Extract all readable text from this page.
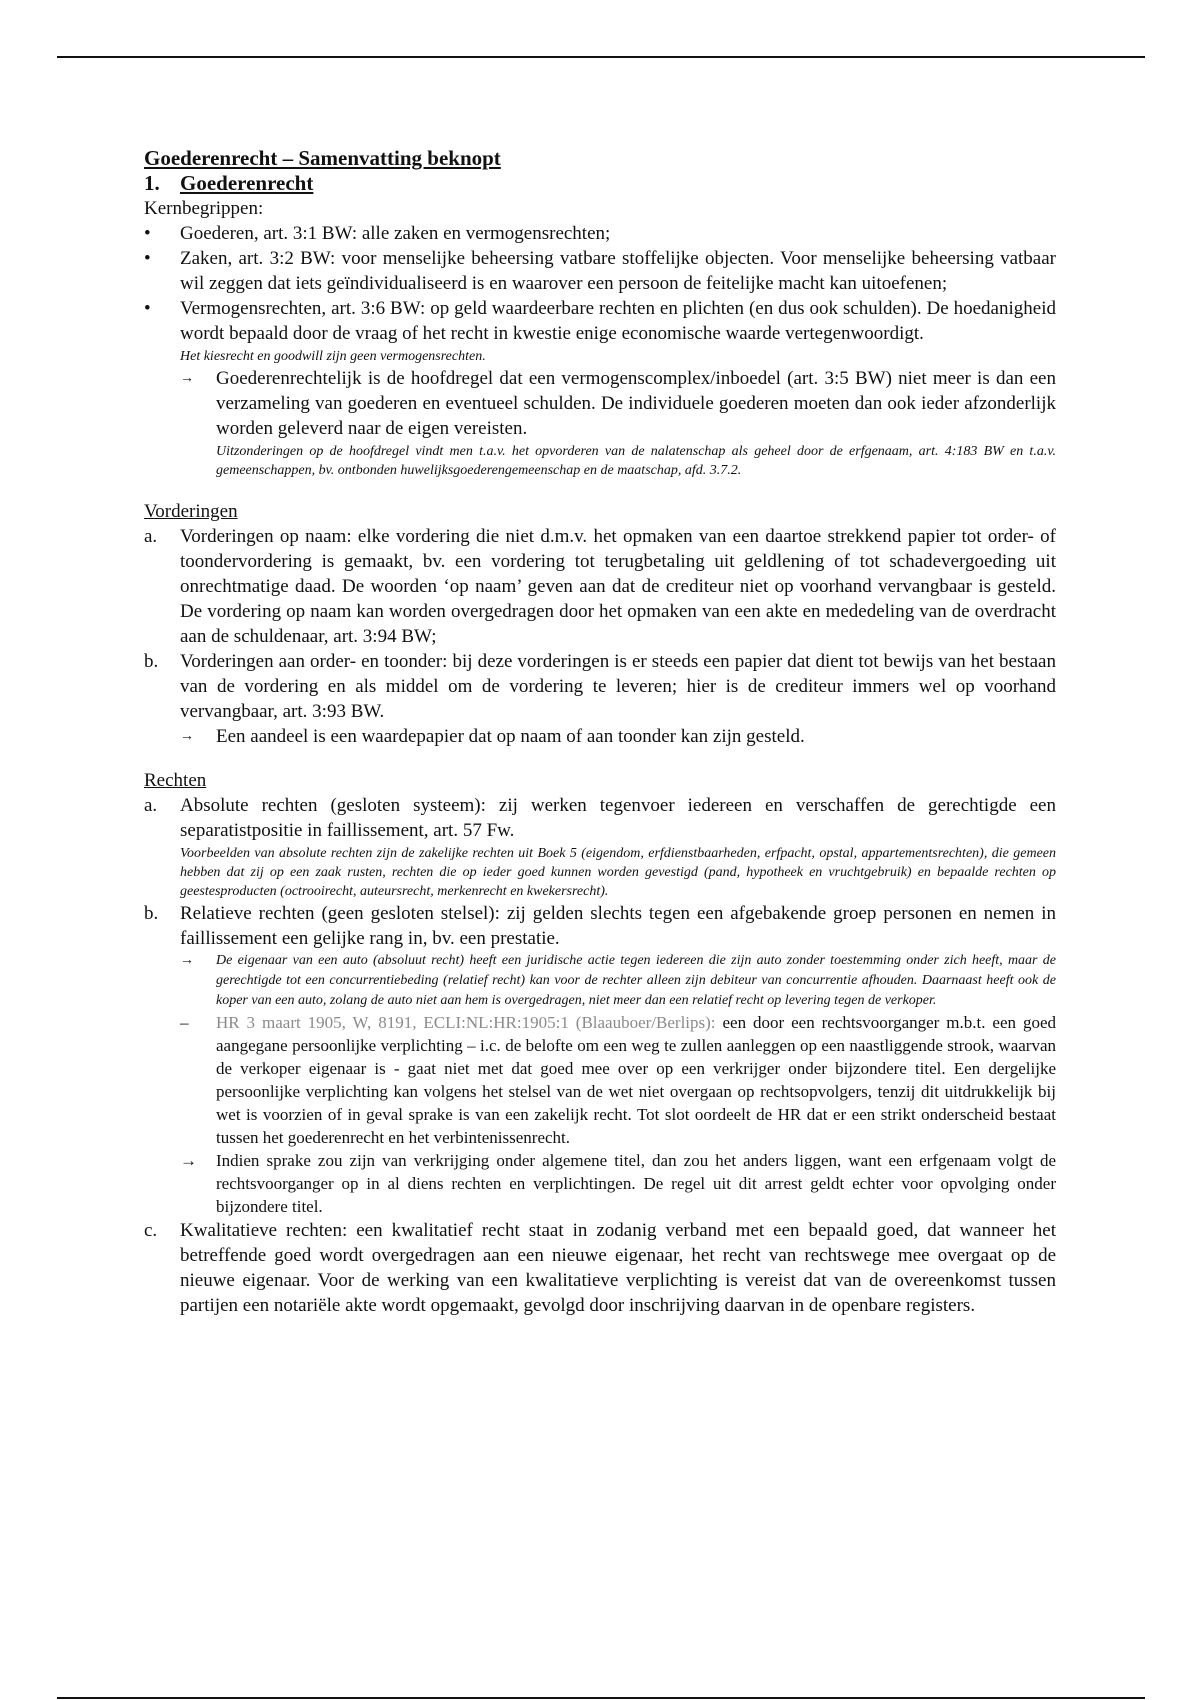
Goederenrecht – Samenvatting beknopt
1. Goederenrecht
Kernbegrippen:
• Goederen, art. 3:1 BW: alle zaken en vermogensrechten;
• Zaken, art. 3:2 BW: voor menselijke beheersing vatbare stoffelijke objecten. Voor menselijke beheersing vatbaar wil zeggen dat iets geïndividualiseerd is en waarover een persoon de feitelijke macht kan uitoefenen;
• Vermogensrechten, art. 3:6 BW: op geld waardeerbare rechten en plichten (en dus ook schulden). De hoedanigheid wordt bepaald door de vraag of het recht in kwestie enige economische waarde vertegenwoordigt.
Het kiesrecht en goodwill zijn geen vermogensrechten.
→ Goederenrechtelijk is de hoofdregel dat een vermogenscomplex/inboedel (art. 3:5 BW) niet meer is dan een verzameling van goederen en eventueel schulden. De individuele goederen moeten dan ook ieder afzonderlijk worden geleverd naar de eigen vereisten.
Uitzonderingen op de hoofdregel vindt men t.a.v. het opvorderen van de nalatenschap als geheel door de erfgenaam, art. 4:183 BW en t.a.v. gemeenschappen, bv. ontbonden huwelijksgoederengemeenschap en de maatschap, afd. 3.7.2.
Vorderingen
a. Vorderingen op naam: elke vordering die niet d.m.v. het opmaken van een daartoe strekkend papier tot order- of toondervordering is gemaakt, bv. een vordering tot terugbetaling uit geldlening of tot schadevergoeding uit onrechtmatige daad. De woorden ‘op naam’ geven aan dat de crediteur niet op voorhand vervangbaar is gesteld. De vordering op naam kan worden overgedragen door het opmaken van een akte en mededeling van de overdracht aan de schuldenaar, art. 3:94 BW;
b. Vorderingen aan order- en toonder: bij deze vorderingen is er steeds een papier dat dient tot bewijs van het bestaan van de vordering en als middel om de vordering te leveren; hier is de crediteur immers wel op voorhand vervangbaar, art. 3:93 BW.
→ Een aandeel is een waardepapier dat op naam of aan toonder kan zijn gesteld.
Rechten
a. Absolute rechten (gesloten systeem): zij werken tegenvoer iedereen en verschaffen de gerechtigde een separatistpositie in faillissement, art. 57 Fw.
Voorbeelden van absolute rechten zijn de zakelijke rechten uit Boek 5 (eigendom, erfdienstbaarheden, erfpacht, opstal, appartementsrechten), die gemeen hebben dat zij op een zaak rusten, rechten die op ieder goed kunnen worden gevestigd (pand, hypotheek en vruchtgebruik) en bepaalde rechten op geestesproducten (octrooirecht, auteursrecht, merkenrecht en kwekersrecht).
b. Relatieve rechten (geen gesloten stelsel): zij gelden slechts tegen een afgebakende groep personen en nemen in faillissement een gelijke rang in, bv. een prestatie.
→ De eigenaar van een auto (absoluut recht) heeft een juridische actie tegen iedereen die zijn auto zonder toestemming onder zich heeft, maar de gerechtigde tot een concurrentiebeding (relatief recht) kan voor de rechter alleen zijn debiteur van concurrentie afhouden. Daarnaast heeft ook de koper van een auto, zolang de auto niet aan hem is overgedragen, niet meer dan een relatief recht op levering tegen de verkoper.
– HR 3 maart 1905, W, 8191, ECLI:NL:HR:1905:1 (Blaauboer/Berlips): een door een rechtsvoorganger m.b.t. een goed aangegane persoonlijke verplichting – i.c. de belofte om een weg te zullen aanleggen op een naastliggende strook, waarvan de verkoper eigenaar is - gaat niet met dat goed mee over op een verkrijger onder bijzondere titel. Een dergelijke persoonlijke verplichting kan volgens het stelsel van de wet niet overgaan op rechtsopvolgers, tenzij dit uitdrukkelijk bij wet is voorzien of in geval sprake is van een zakelijk recht. Tot slot oordeelt de HR dat er een strikt onderscheid bestaat tussen het goederenrecht en het verbintenissenrecht.
→ Indien sprake zou zijn van verkrijging onder algemene titel, dan zou het anders liggen, want een erfgenaam volgt de rechtsvoorganger op in al diens rechten en verplichtingen. De regel uit dit arrest geldt echter voor opvolging onder bijzondere titel.
c. Kwalitatieve rechten: een kwalitatief recht staat in zodanig verband met een bepaald goed, dat wanneer het betreffende goed wordt overgedragen aan een nieuwe eigenaar, het recht van rechtswege mee overgaat op de nieuwe eigenaar. Voor de werking van een kwalitatieve verplichting is vereist dat van de overeenkomst tussen partijen een notariële akte wordt opgemaakt, gevolgd door inschrijving daarvan in de openbare registers.
